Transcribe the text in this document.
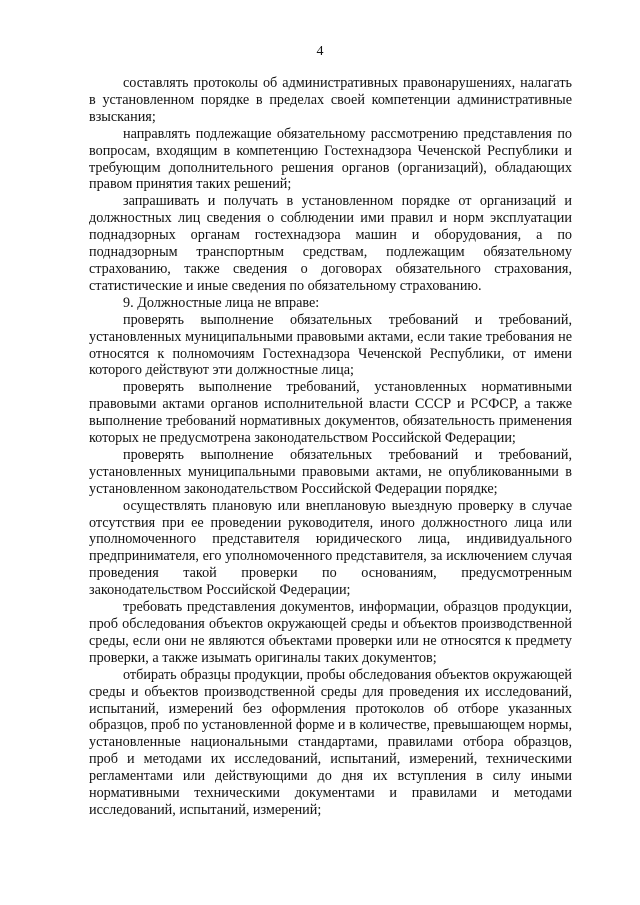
4

составлять протоколы об административных правонарушениях, налагать в установленном порядке в пределах своей компетенции административные взыскания;

направлять подлежащие обязательному рассмотрению представления по вопросам, входящим в компетенцию Гостехнадзора Чеченской Республики и требующим дополнительного решения органов (организаций), обладающих правом принятия таких решений;

запрашивать и получать в установленном порядке от организаций и должностных лиц сведения о соблюдении ими правил и норм эксплуатации поднадзорных органам гостехнадзора машин и оборудования, а по поднадзорным транспортным средствам, подлежащим обязательному страхованию, также сведения о договорах обязательного страхования, статистические и иные сведения по обязательному страхованию.

9. Должностные лица не вправе:

проверять выполнение обязательных требований и требований, установленных муниципальными правовыми актами, если такие требования не относятся к полномочиям Гостехнадзора Чеченской Республики, от имени которого действуют эти должностные лица;

проверять выполнение требований, установленных нормативными правовыми актами органов исполнительной власти СССР и РСФСР, а также выполнение требований нормативных документов, обязательность применения которых не предусмотрена законодательством Российской Федерации;

проверять выполнение обязательных требований и требований, установленных муниципальными правовыми актами, не опубликованными в установленном законодательством Российской Федерации порядке;

осуществлять плановую или внеплановую выездную проверку в случае отсутствия при ее проведении руководителя, иного должностного лица или уполномоченного представителя юридического лица, индивидуального предпринимателя, его уполномоченного представителя, за исключением случая проведения такой проверки по основаниям, предусмотренным законодательством Российской Федерации;

требовать представления документов, информации, образцов продукции, проб обследования объектов окружающей среды и объектов производственной среды, если они не являются объектами проверки или не относятся к предмету проверки, а также изымать оригиналы таких документов;

отбирать образцы продукции, пробы обследования объектов окружающей среды и объектов производственной среды для проведения их исследований, испытаний, измерений без оформления протоколов об отборе указанных образцов, проб по установленной форме и в количестве, превышающем нормы, установленные национальными стандартами, правилами отбора образцов, проб и методами их исследований, испытаний, измерений, техническими регламентами или действующими до дня их вступления в силу иными нормативными техническими документами и правилами и методами исследований, испытаний, измерений;
